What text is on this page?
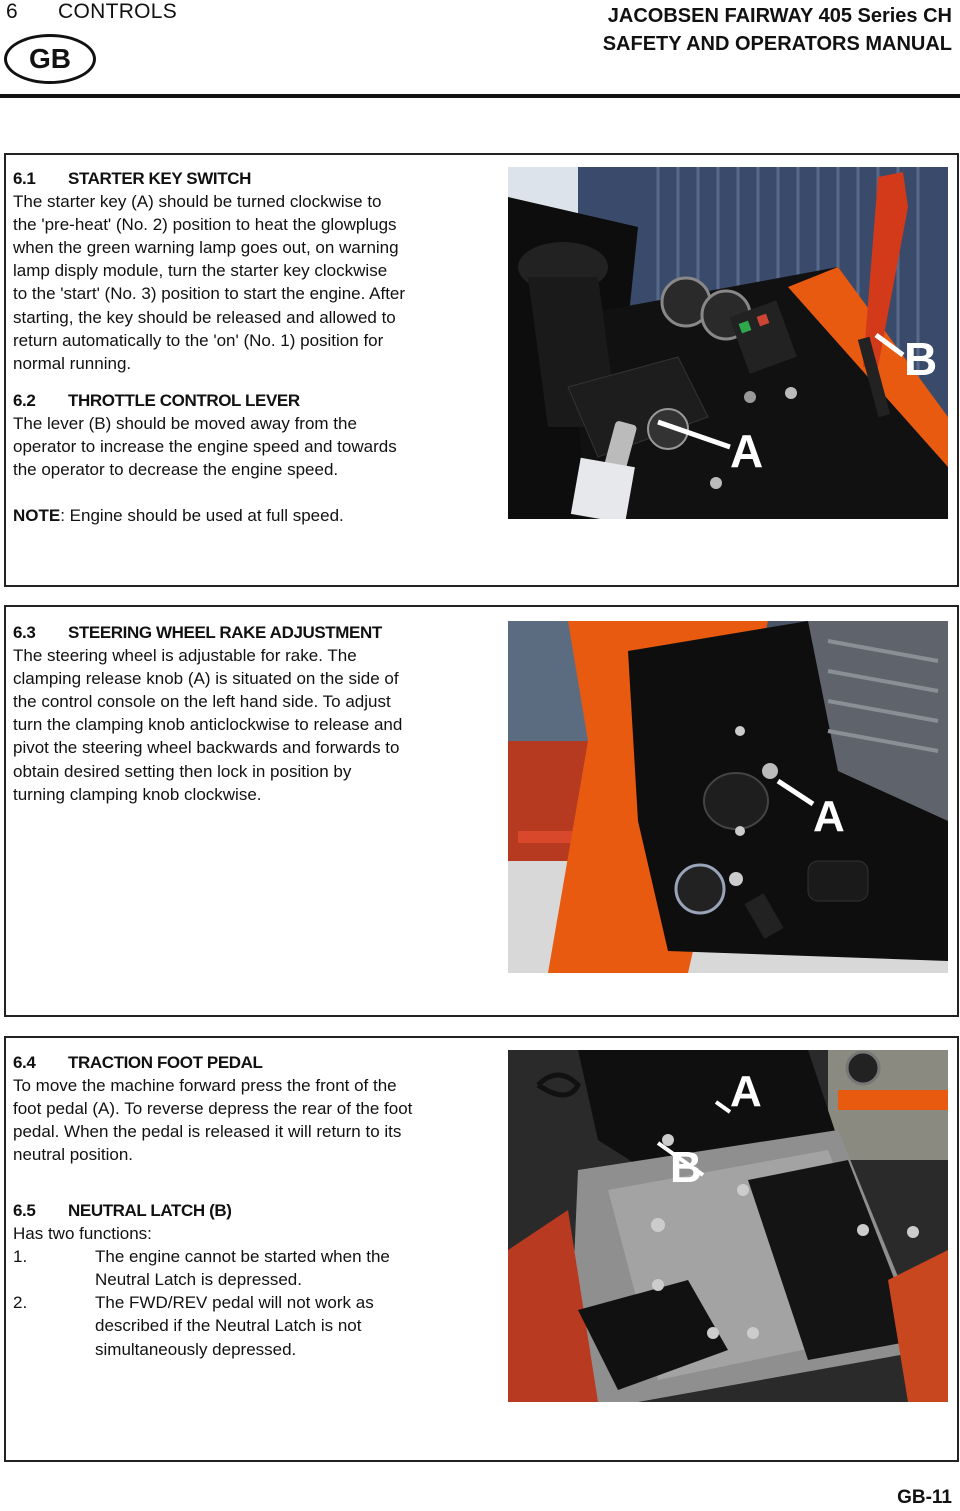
6 CONTROLS	JACOBSEN FAIRWAY 405 Series CH
SAFETY AND OPERATORS MANUAL
GB
6.1 STARTER KEY SWITCH
The starter key (A) should be turned clockwise to
the 'pre-heat' (No. 2) position to heat the glowplugs
when the green warning lamp goes out, on warning
lamp disply module, turn the starter key clockwise
to the 'start' (No. 3) position to start the engine. After
starting, the key should be released and allowed to
return automatically to the 'on' (No. 1) position for
normal running.
6.2 THROTTLE CONTROL LEVER
The lever (B) should be moved away from the
operator to increase the engine speed and towards
the operator to decrease the engine speed.
NOTE: Engine should be used at full speed.
A
B
6.3 STEERING WHEEL RAKE ADJUSTMENT
The steering wheel is adjustable for rake. The
clamping release knob (A) is situated on the side of
the control console on the left hand side. To adjust
turn the clamping knob anticlockwise to release and
pivot the steering wheel backwards and forwards to
obtain desired setting then lock in position by
turning clamping knob clockwise.	A
6.4 TRACTION FOOT PEDAL
To move the machine forward press the front of the
foot pedal (A). To reverse depress the rear of the foot
pedal. When the pedal is released it will return to its
neutral position.
6.5 NEUTRAL LATCH (B)
Has two functions:
1.	The engine cannot be started when the
Neutral Latch is depressed.
2.	The FWD/REV pedal will not work as
described if the Neutral Latch is not
simultaneously depressed.
A
B
GB-11
